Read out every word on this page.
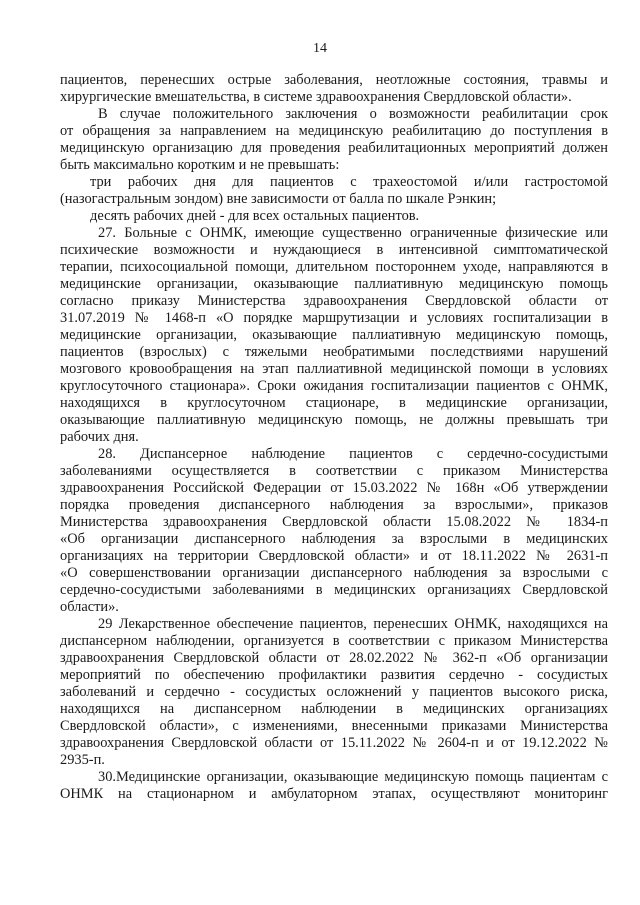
14
пациентов, перенесших острые заболевания, неотложные состояния, травмы и
хирургические вмешательства, в системе здравоохранения Свердловской области».
В случае положительного заключения о возможности реабилитации срок
от обращения за направлением на медицинскую реабилитацию до поступления в
медицинскую организацию для проведения реабилитационных мероприятий должен
быть максимально коротким и не превышать:
три рабочих дня для пациентов с трахеостомой и/или гастростомой
(назогастральным зондом) вне зависимости от балла по шкале Рэнкин;
десять рабочих дней - для всех остальных пациентов.
27. Больные с ОНМК, имеющие существенно ограниченные физические или
психические возможности и нуждающиеся в интенсивной симптоматической
терапии, психосоциальной помощи, длительном постороннем уходе, направляются в
медицинские организации, оказывающие паллиативную медицинскую помощь
согласно приказу Министерства здравоохранения Свердловской области от
31.07.2019 № 1468-п «О порядке маршрутизации и условиях госпитализации в
медицинские организации, оказывающие паллиативную медицинскую помощь,
пациентов (взрослых) с тяжелыми необратимыми последствиями нарушений
мозгового кровообращения на этап паллиативной медицинской помощи в условиях
круглосуточного стационара». Сроки ожидания госпитализации пациентов с ОНМК,
находящихся в круглосуточном стационаре, в медицинские организации,
оказывающие паллиативную медицинскую помощь, не должны превышать три
рабочих дня.
28. Диспансерное наблюдение пациентов с сердечно-сосудистыми
заболеваниями осуществляется в соответствии с приказом Министерства
здравоохранения Российской Федерации от 15.03.2022 № 168н «Об утверждении
порядка проведения диспансерного наблюдения за взрослыми», приказов
Министерства здравоохранения Свердловской области 15.08.2022 № 1834-п
«Об организации диспансерного наблюдения за взрослыми в медицинских
организациях на территории Свердловской области» и от 18.11.2022 № 2631-п
«О совершенствовании организации диспансерного наблюдения за взрослыми с
сердечно-сосудистыми заболеваниями в медицинских организациях Свердловской
области».
29 Лекарственное обеспечение пациентов, перенесших ОНМК, находящихся на
диспансерном наблюдении, организуется в соответствии с приказом Министерства
здравоохранения Свердловской области от 28.02.2022 № 362-п «Об организации
мероприятий по обеспечению профилактики развития сердечно - сосудистых
заболеваний и сердечно - сосудистых осложнений у пациентов высокого риска,
находящихся на диспансерном наблюдении в медицинских организациях
Свердловской области», с изменениями, внесенными приказами Министерства
здравоохранения Свердловской области от 15.11.2022 № 2604-п и от 19.12.2022 №
2935-п.
30.Медицинские организации, оказывающие медицинскую помощь пациентам с
ОНМК на стационарном и амбулаторном этапах, осуществляют мониторинг
